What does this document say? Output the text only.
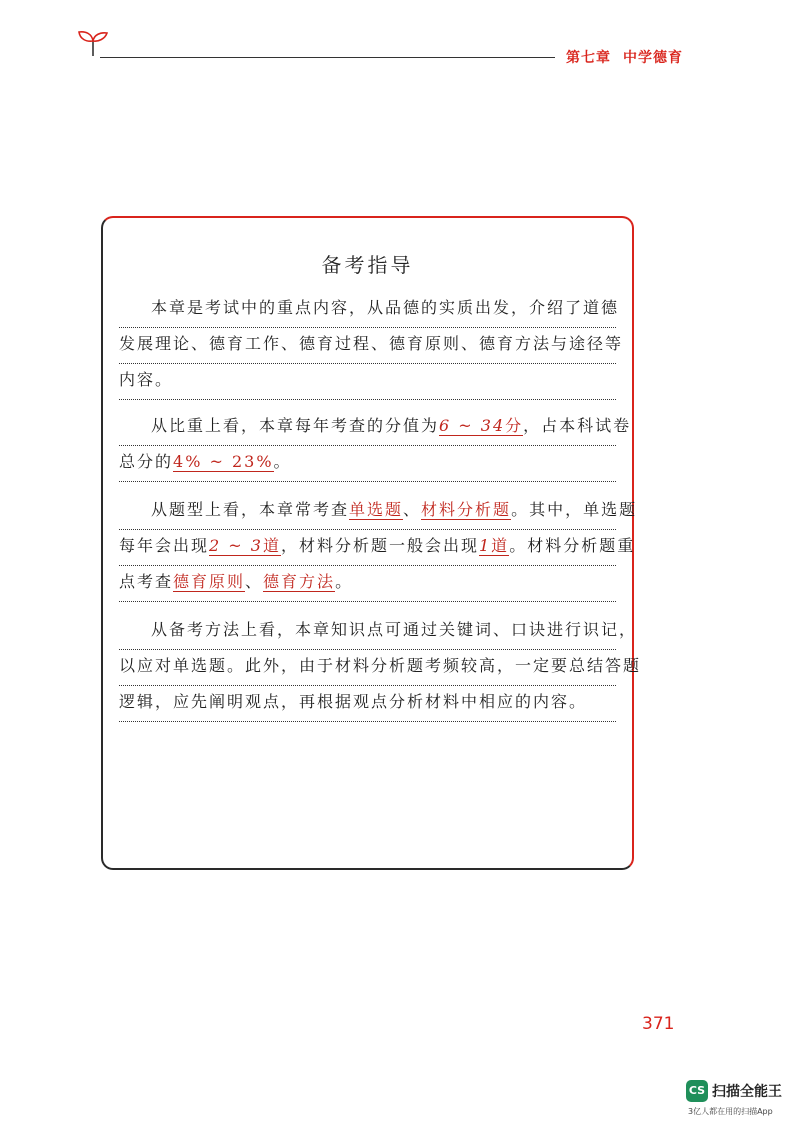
第七章 中学德育
备考指导
本章是考试中的重点内容，从品德的实质出发，介绍了道德
发展理论、德育工作、德育过程、德育原则、德育方法与途径等
内容。
从比重上看，本章每年考查的分值为6 ~ 34分，占本科试卷
总分的4% ~ 23%。
从题型上看，本章常考查单选题、材料分析题。其中，单选题
每年会出现2 ~ 3道，材料分析题一般会出现1道。材料分析题重
点考查德育原则、德育方法。
从备考方法上看，本章知识点可通过关键词、口诀进行识记，
以应对单选题。此外，由于材料分析题考频较高，一定要总结答题
逻辑，应先阐明观点，再根据观点分析材料中相应的内容。
371
CS 扫描全能王
3亿人都在用的扫描App
